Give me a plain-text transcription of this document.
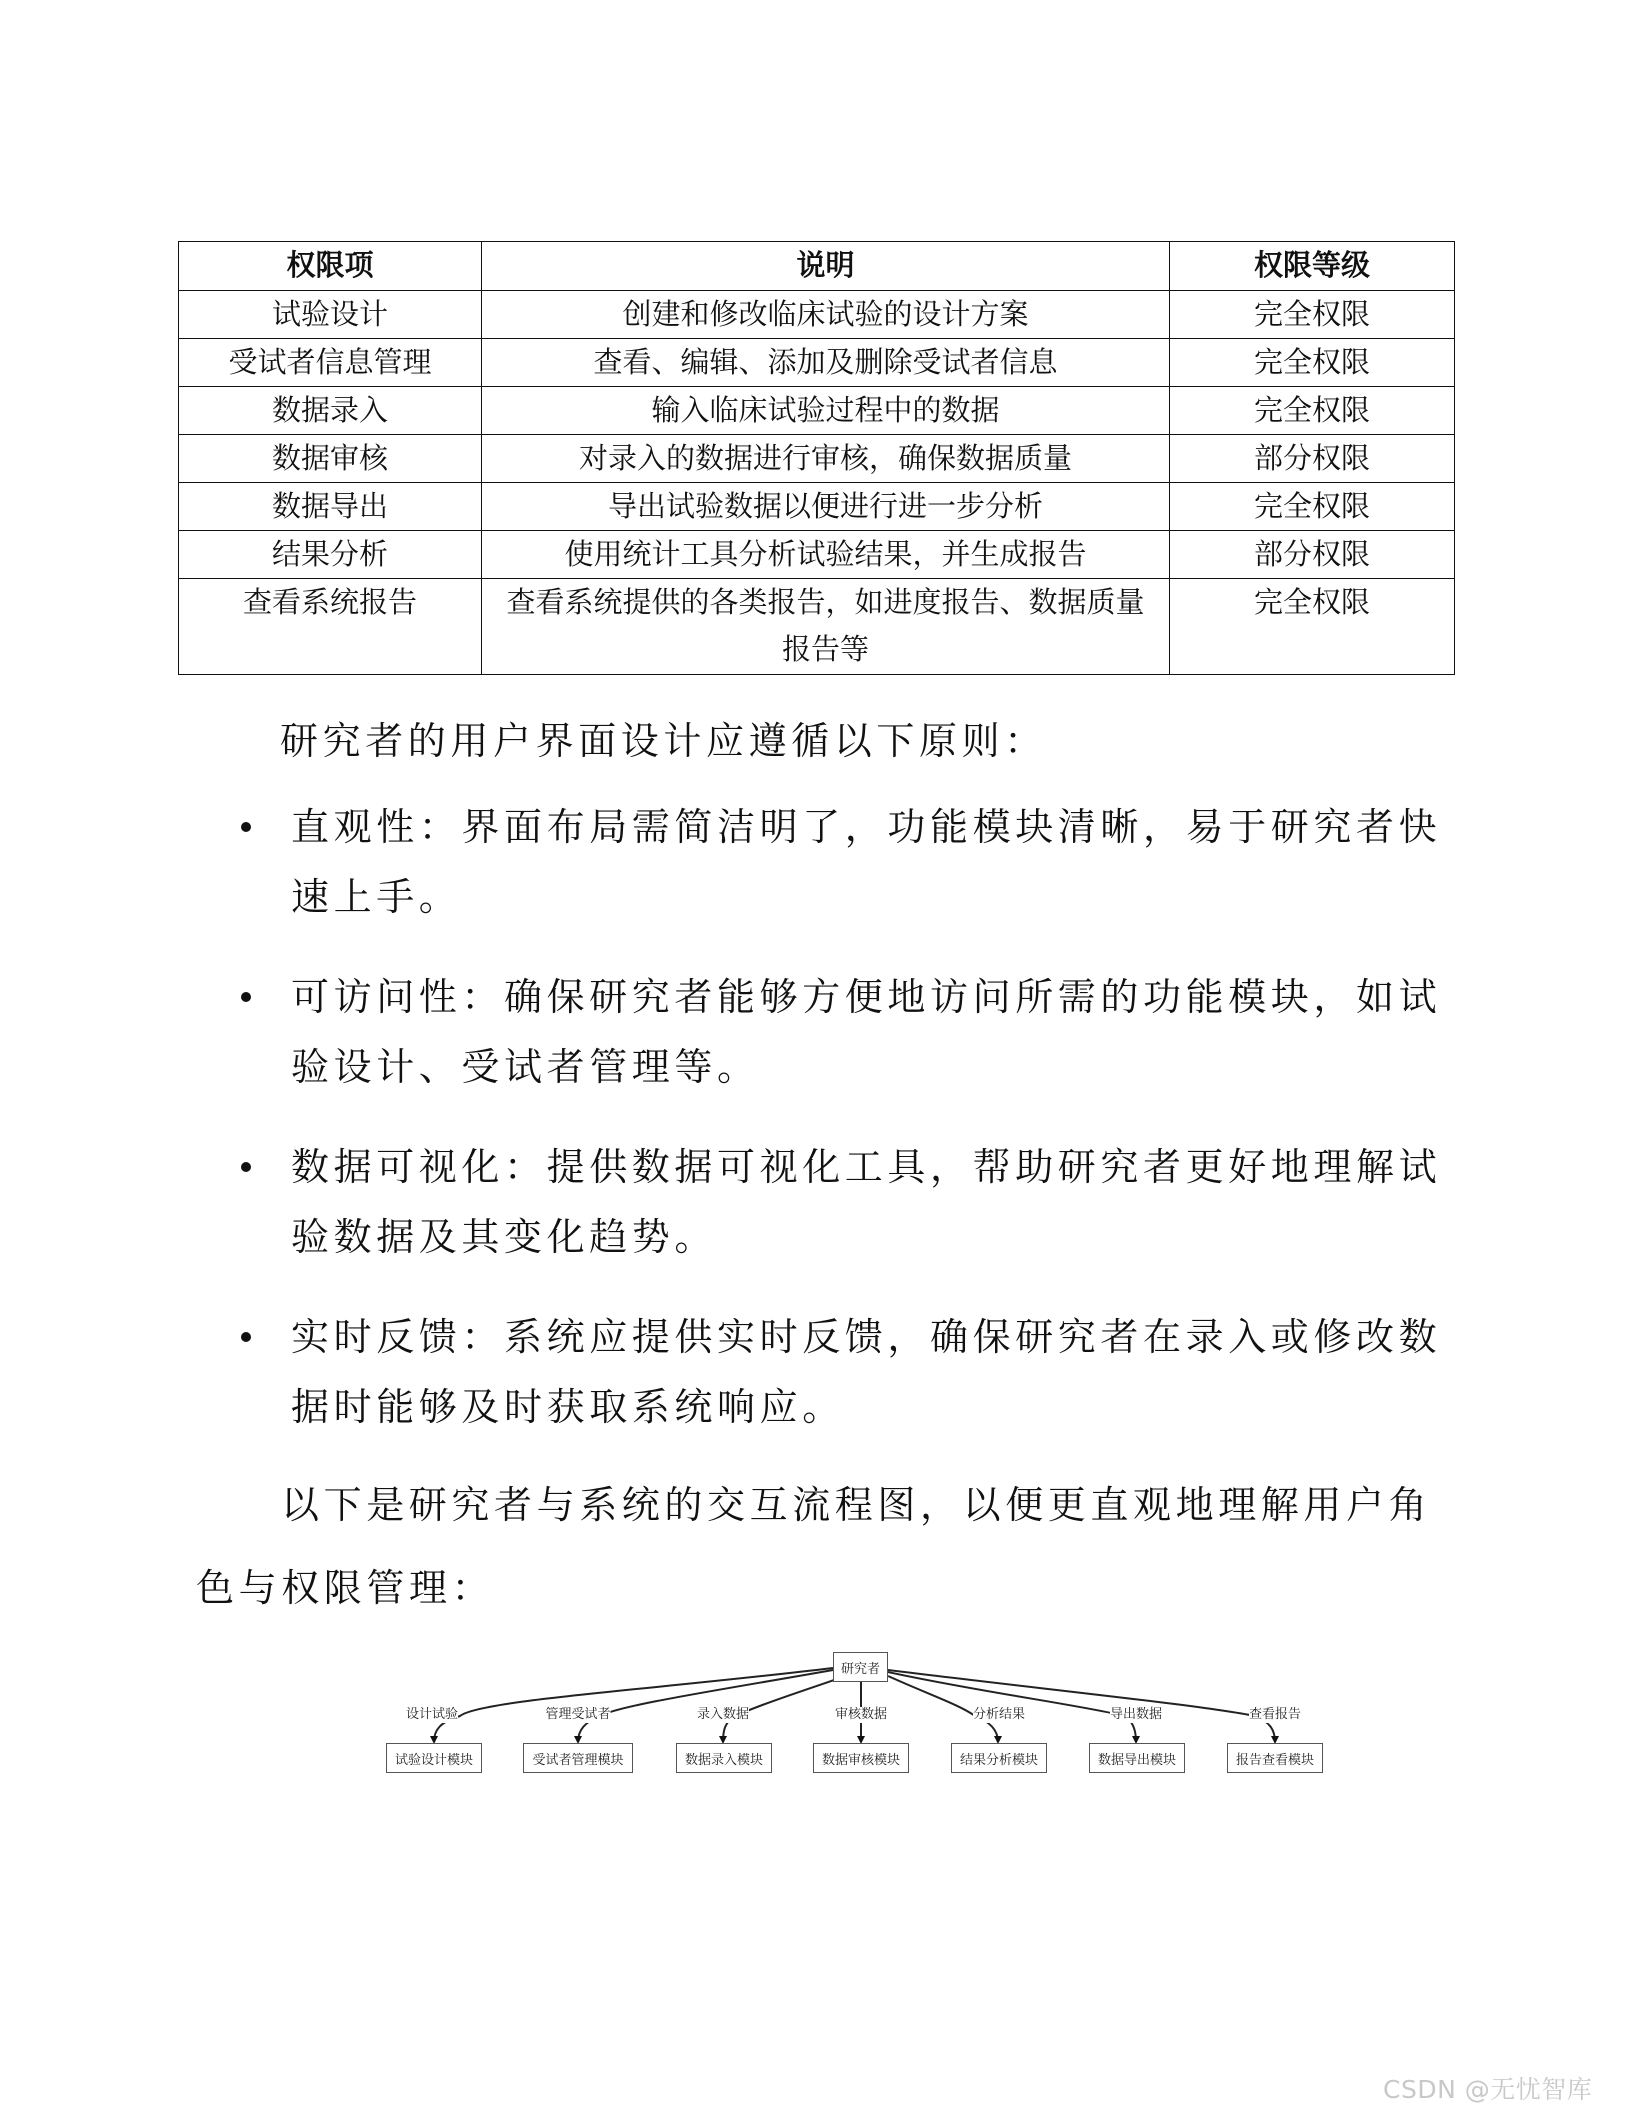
权限项	说明	权限等级
试验设计	创建和修改临床试验的设计方案	完全权限
受试者信息管理	查看、编辑、添加及删除受试者信息	完全权限
数据录入	输入临床试验过程中的数据	完全权限
数据审核	对录入的数据进行审核，确保数据质量	部分权限
数据导出	导出试验数据以便进行进一步分析	完全权限
结果分析	使用统计工具分析试验结果，并生成报告	部分权限
查看系统报告	查看系统提供的各类报告，如进度报告、数据质量报告等	完全权限
研究者的用户界面设计应遵循以下原则：
直观性：界面布局需简洁明了，功能模块清晰，易于研究者快
速上手。
可访问性：确保研究者能够方便地访问所需的功能模块，如试
验设计、受试者管理等。
数据可视化：提供数据可视化工具，帮助研究者更好地理解试
验数据及其变化趋势。
实时反馈：系统应提供实时反馈，确保研究者在录入或修改数
据时能够及时获取系统响应。
以下是研究者与系统的交互流程图，以便更直观地理解用户角
色与权限管理：
研究者
设计试验	管理受试者	录入数据	审核数据	分析结果	导出数据	查看报告
试验设计模块	受试者管理模块	数据录入模块	数据审核模块	结果分析模块	数据导出模块	报告查看模块
CSDN @无忧智库
